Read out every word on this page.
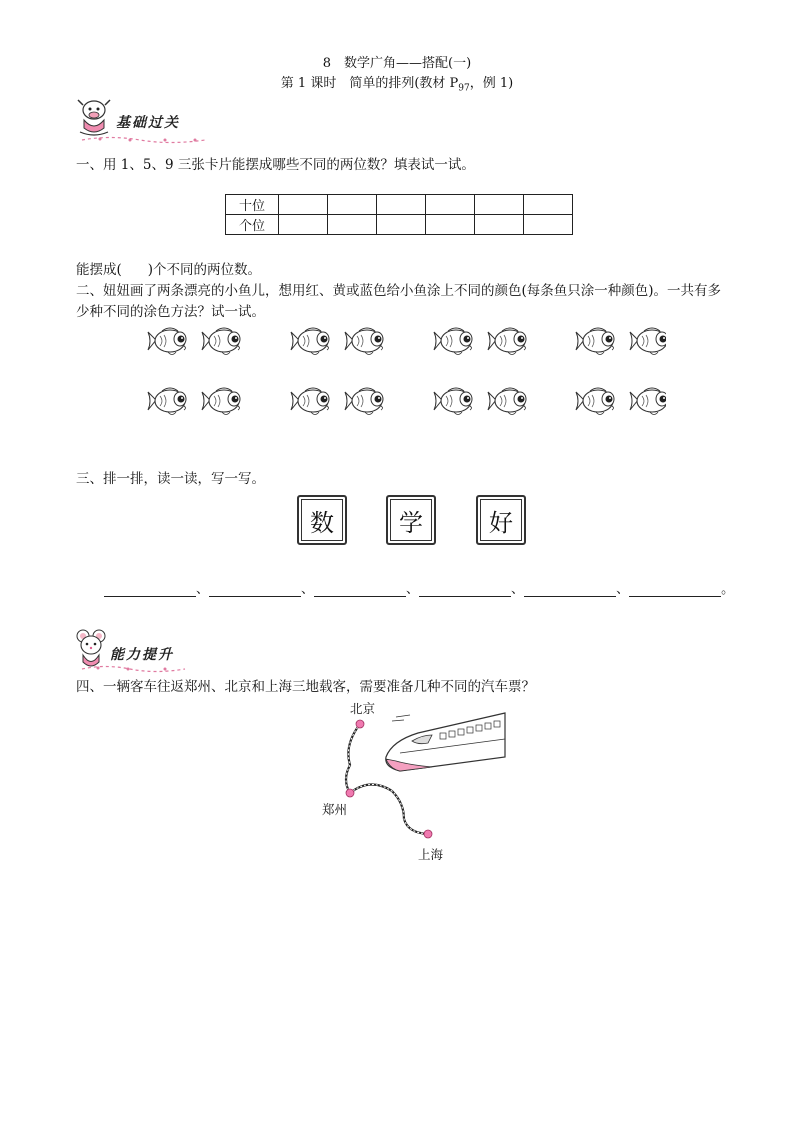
8　数学广角——搭配(一)
第 1 课时　简单的排列(教材 $P_{97}$，例 1)
基础过关
一、用 1、5、9 三张卡片能摆成哪些不同的两位数？填表试一试。
十位						
个位						
能摆成( )个不同的两位数。
二、妞妞画了两条漂亮的小鱼儿，想用红、黄或蓝色给小鱼涂上不同的颜色(每条鱼只涂一种颜色)。一共有多
少种不同的涂色方法？试一试。
三、排一排，读一读，写一写。
数	学	好
、	、	、	、	、	。
能力提升
四、一辆客车往返郑州、北京和上海三地载客，需要准备几种不同的汽车票？
北京
郑州
上海
